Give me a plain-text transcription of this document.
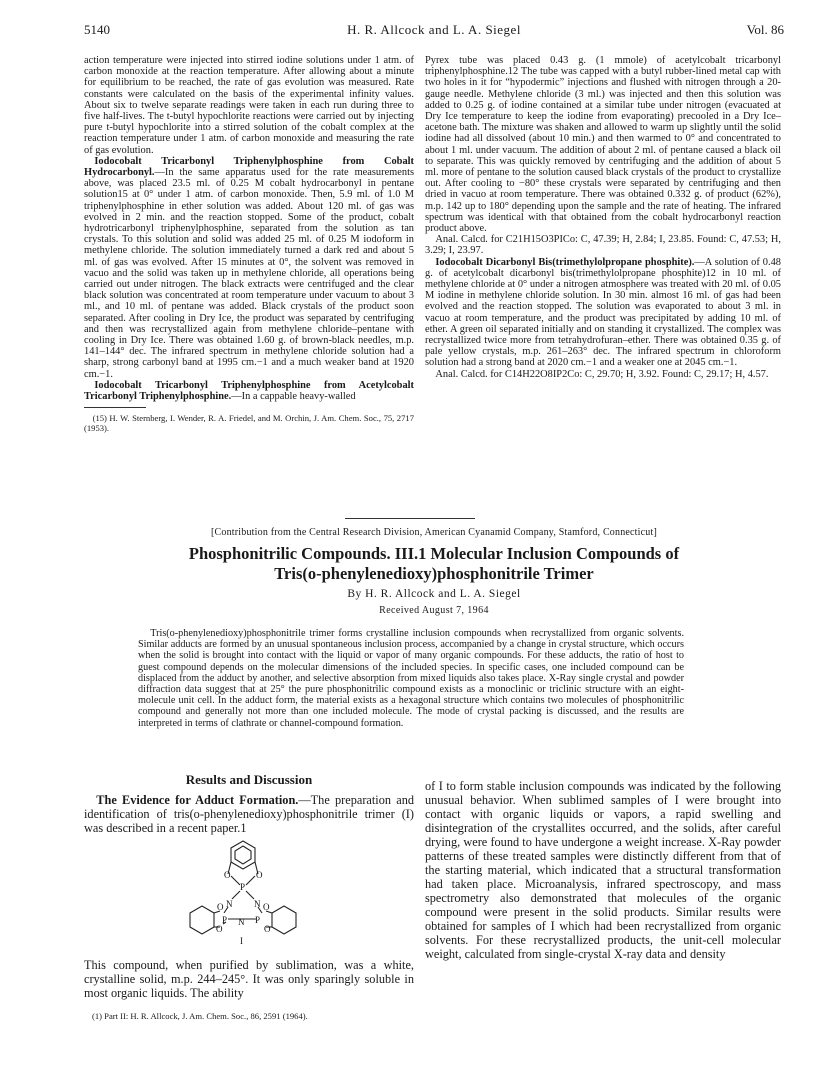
5140	H. R. Allcock and L. A. Siegel	Vol. 86

action temperature were injected into stirred iodine solutions under 1 atm. of carbon monoxide at the reaction temperature. After allowing about a minute for equilibrium to be reached, the rate of gas evolution was measured. Rate constants were calculated on the basis of the experimental infinity values. About six to twelve separate readings were taken in each run during three to five half-lives. The t-butyl hypochlorite reactions were carried out by injecting pure t-butyl hypochlorite into a stirred solution of the cobalt complex at the reaction temperature under 1 atm. of carbon monoxide and measuring the rate of gas evolution.

Iodocobalt Tricarbonyl Triphenylphosphine from Cobalt Hydrocarbonyl.—In the same apparatus used for the rate measurements above, was placed 23.5 ml. of 0.25 M cobalt hydrocarbonyl in pentane solution15 at 0° under 1 atm. of carbon monoxide. Then, 5.9 ml. of 1.0 M triphenylphosphine in ether solution was added. About 120 ml. of gas was evolved in 2 min. and the reaction stopped. Some of the product, cobalt hydrotricarbonyl triphenylphosphine, separated from the solution as tan crystals. To this solution and solid was added 25 ml. of 0.25 M iodoform in methylene chloride. The solution immediately turned a dark red and about 5 ml. of gas was evolved. After 15 minutes at 0°, the solvent was removed in vacuo and the solid was taken up in methylene chloride, all operations being carried out under nitrogen. The black extracts were centrifuged and the clear black solution was concentrated at room temperature under vacuum to about 3 ml., and 10 ml. of pentane was added. Black crystals of the product soon separated. After cooling in Dry Ice, the product was separated by centrifuging and then was recrystallized again from methylene chloride–pentane with cooling in Dry Ice. There was obtained 1.60 g. of brown-black needles, m.p. 141–144° dec. The infrared spectrum in methylene chloride solution had a sharp, strong carbonyl band at 1995 cm.−1 and a much weaker band at 1920 cm.−1.

Iodocobalt Tricarbonyl Triphenylphosphine from Acetylcobalt Tricarbonyl Triphenylphosphine.—In a cappable heavy-walled

(15) H. W. Sternberg, I. Wender, R. A. Friedel, and M. Orchin, J. Am. Chem. Soc., 75, 2717 (1953).

Pyrex tube was placed 0.43 g. (1 mmole) of acetylcobalt tricarbonyl triphenylphosphine.12 The tube was capped with a butyl rubber-lined metal cap with two holes in it for “hypodermic” injections and flushed with nitrogen through a 20-gauge needle. Methylene chloride (3 ml.) was injected and then this solution was added to 0.25 g. of iodine contained at a similar tube under nitrogen (evacuated at Dry Ice temperature to keep the iodine from evaporating) precooled in a Dry Ice–acetone bath. The mixture was shaken and allowed to warm up slightly until the solid iodine had all dissolved (about 10 min.) and then warmed to 0° and concentrated to about 1 ml. under vacuum. The addition of about 2 ml. of pentane caused a black oil to separate. This was quickly removed by centrifuging and the addition of about 5 ml. more of pentane to the solution caused black crystals of the product to crystallize out. After cooling to −80° these crystals were separated by centrifuging and then dried in vacuo at room temperature. There was obtained 0.332 g. of product (62%), m.p. 142 up to 180° depending upon the sample and the rate of heating. The infrared spectrum was identical with that obtained from the cobalt hydrocarbonyl reaction product above.

Anal. Calcd. for C21H15O3PICo: C, 47.39; H, 2.84; I, 23.85. Found: C, 47.53; H, 3.29; I, 23.97.

Iodocobalt Dicarbonyl Bis(trimethylolpropane phosphite).—A solution of 0.48 g. of acetylcobalt dicarbonyl bis(trimethylolpropane phosphite)12 in 10 ml. of methylene chloride at 0° under a nitrogen atmosphere was treated with 20 ml. of 0.05 M iodine in methylene chloride solution. In 30 min. almost 16 ml. of gas had been evolved and the reaction stopped. The solution was evaporated to about 3 ml. in vacuo at room temperature, and the product was precipitated by adding 10 ml. of ether. A green oil separated initially and on standing it crystallized. The complex was recrystallized twice more from tetrahydrofuran–ether. There was obtained 0.35 g. of pale yellow crystals, m.p. 261–263° dec. The infrared spectrum in chloroform solution had a strong band at 2020 cm.−1 and a weaker one at 2045 cm.−1.

Anal. Calcd. for C14H22O8IP2Co: C, 29.70; H, 3.92. Found: C, 29.17; H, 4.57.

[Contribution from the Central Research Division, American Cyanamid Company, Stamford, Connecticut]
Phosphonitrilic Compounds. III.1 Molecular Inclusion Compounds of
Tris(o-phenylenedioxy)phosphonitrile Trimer
By H. R. Allcock and L. A. Siegel
Received August 7, 1964
Tris(o-phenylenedioxy)phosphonitrile trimer forms crystalline inclusion compounds when recrystallized from organic solvents. Similar adducts are formed by an unusual spontaneous inclusion process, accompanied by a change in crystal structure, which occurs when the solid is brought into contact with the liquid or vapor of many organic compounds. For these adducts, the ratio of host to guest compound depends on the molecular dimensions of the included species. In specific cases, one included compound can be displaced from the adduct by another, and selective absorption from mixed liquids also takes place. X-Ray single crystal and powder diffraction data suggest that at 25° the pure phosphonitrilic compound exists as a monoclinic or triclinic structure with an eight-molecule unit cell. In the adduct form, the material exists as a hexagonal structure which contains two molecules of phosphonitrilic compound and generally not more than one included molecule. The mode of crystal packing is discussed, and the results are interpreted in terms of clathrate or channel-compound formation.
Results and Discussion

The Evidence for Adduct Formation.—The preparation and identification of tris(o-phenylenedioxy)phosphonitrile trimer (I) was described in a recent paper.1

O	O
P
N N
O	O
P N P
O	O
I

This compound, when purified by sublimation, was a white, crystalline solid, m.p. 244–245°. It was only sparingly soluble in most organic liquids. The ability

(1) Part II: H. R. Allcock, J. Am. Chem. Soc., 86, 2591 (1964).

of I to form stable inclusion compounds was indicated by the following unusual behavior. When sublimed samples of I were brought into contact with organic liquids or vapors, a rapid swelling and disintegration of the crystallites occurred, and the solids, after careful drying, were found to have undergone a weight increase. X-Ray powder patterns of these treated samples were distinctly different from that of the starting material, which indicated that a structural transformation had taken place. Microanalysis, infrared spectroscopy, and mass spectrometry also demonstrated that molecules of the organic compound were present in the solid products. Similar results were obtained for samples of I which had been recrystallized from organic solvents. For these recrystallized products, the unit-cell molecular weight, calculated from single-crystal X-ray data and density
